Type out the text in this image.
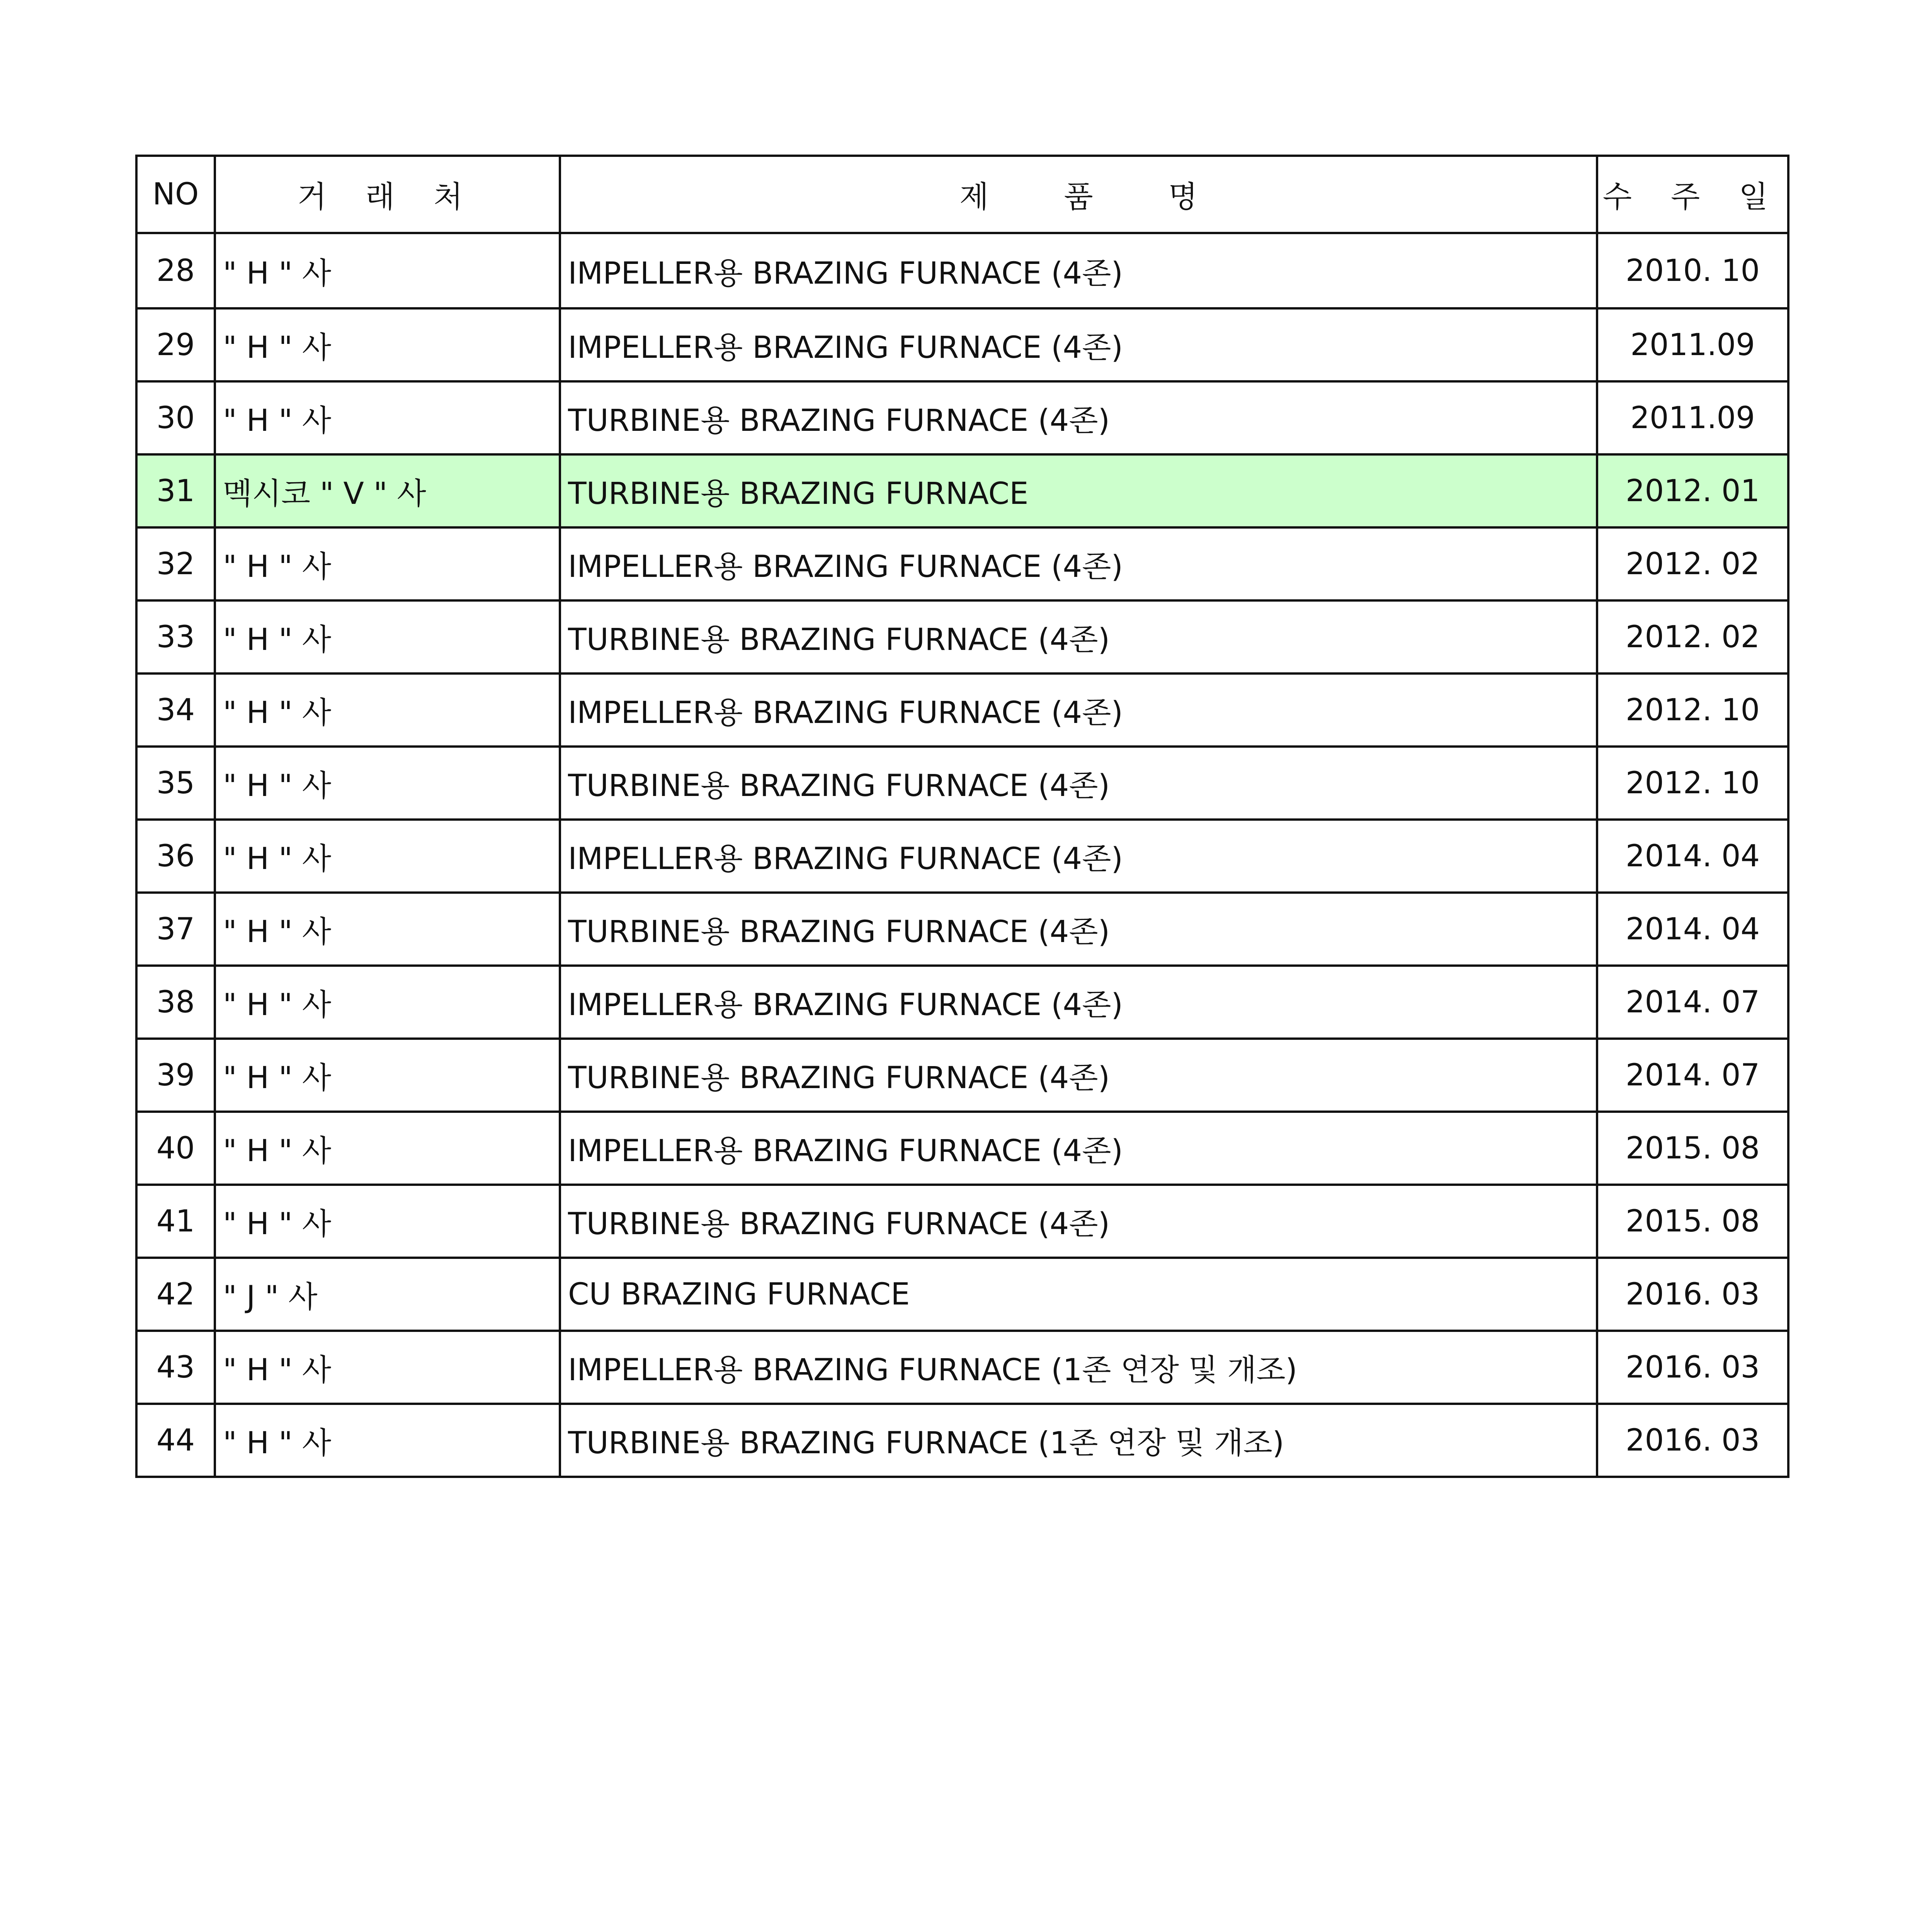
NO	거 래 처	제 품 명	수 주 일
28	" H " 사	IMPELLER용 BRAZING FURNACE (4존)	2010. 10
29	" H " 사	IMPELLER용 BRAZING FURNACE (4존)	2011.09
30	" H " 사	TURBINE용 BRAZING FURNACE (4존)	2011.09
31	멕시코 " V " 사	TURBINE용 BRAZING FURNACE	2012. 01
32	" H " 사	IMPELLER용 BRAZING FURNACE (4존)	2012. 02
33	" H " 사	TURBINE용 BRAZING FURNACE (4존)	2012. 02
34	" H " 사	IMPELLER용 BRAZING FURNACE (4존)	2012. 10
35	" H " 사	TURBINE용 BRAZING FURNACE (4존)	2012. 10
36	" H " 사	IMPELLER용 BRAZING FURNACE (4존)	2014. 04
37	" H " 사	TURBINE용 BRAZING FURNACE (4존)	2014. 04
38	" H " 사	IMPELLER용 BRAZING FURNACE (4존)	2014. 07
39	" H " 사	TURBINE용 BRAZING FURNACE (4존)	2014. 07
40	" H " 사	IMPELLER용 BRAZING FURNACE (4존)	2015. 08
41	" H " 사	TURBINE용 BRAZING FURNACE (4존)	2015. 08
42	" J " 사	CU BRAZING FURNACE	2016. 03
43	" H " 사	IMPELLER용 BRAZING FURNACE (1존 연장 및 개조)	2016. 03
44	" H " 사	TURBINE용 BRAZING FURNACE (1존 연장 및 개조)	2016. 03
